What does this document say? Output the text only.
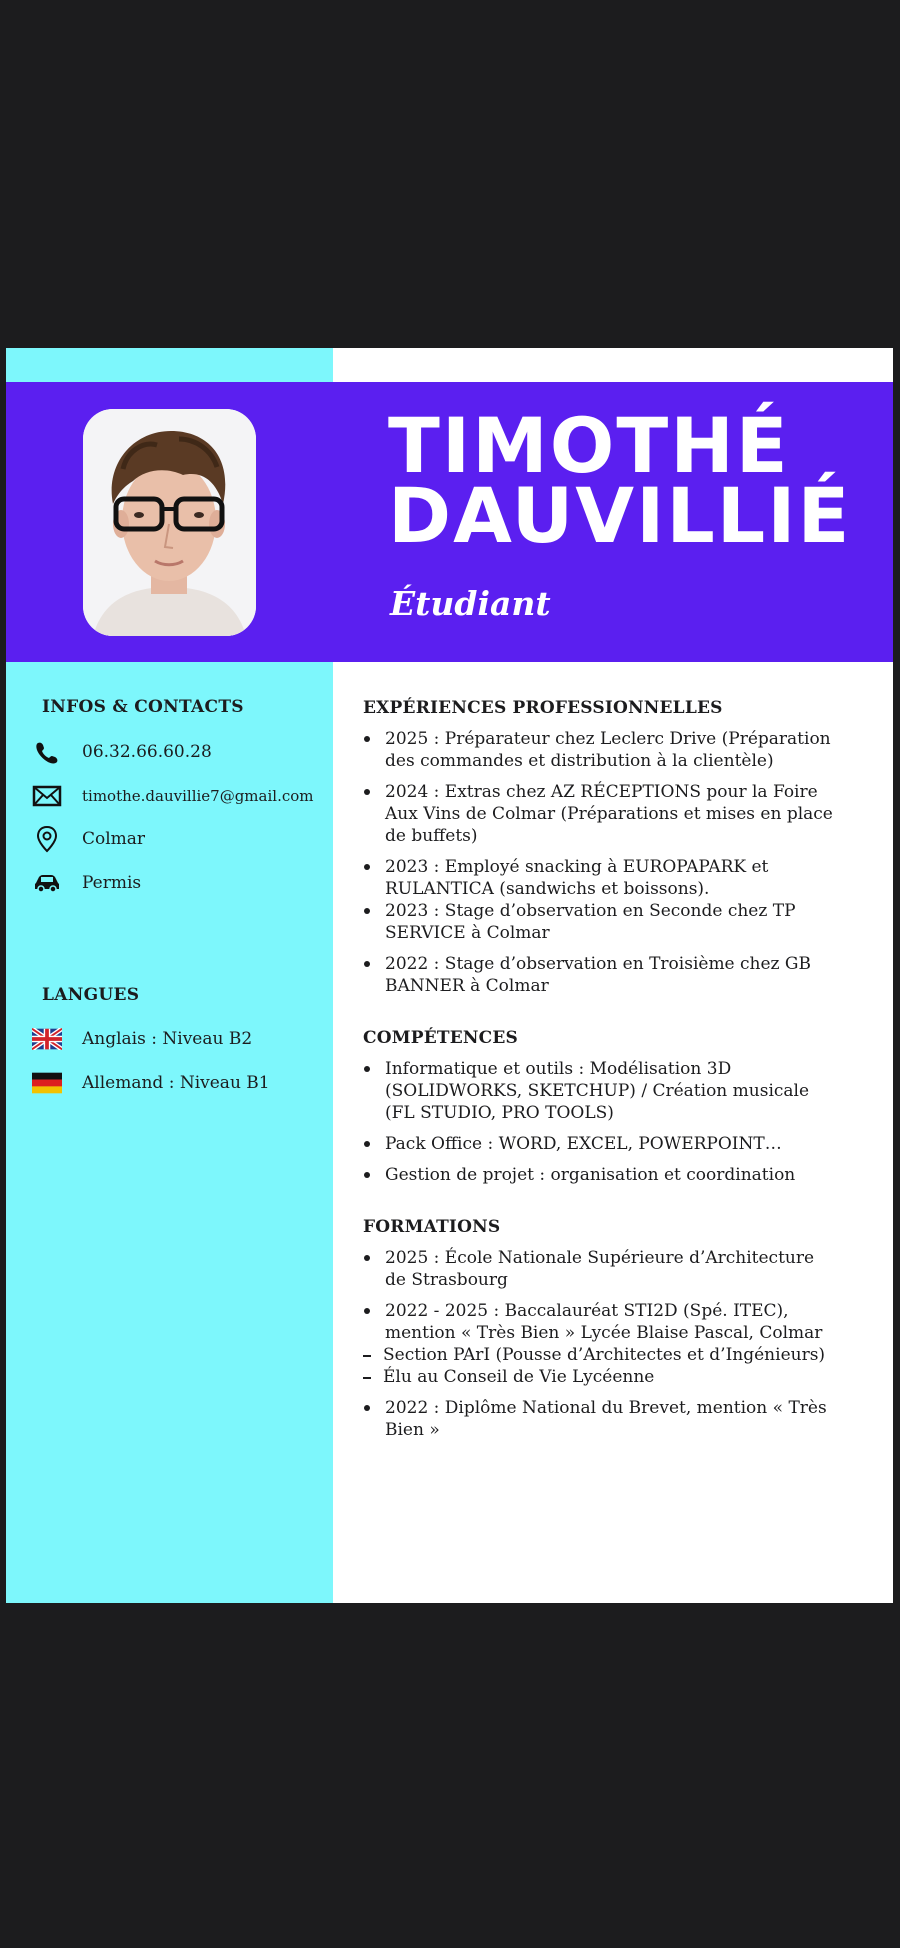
TIMOTHÉ
DAUVILLIÉ
Étudiant
INFOS & CONTACTS
06.32.66.60.28
timothe.dauvillie7@gmail.com
Colmar
Permis
LANGUES
Anglais : Niveau B2
Allemand : Niveau B1
EXPÉRIENCES PROFESSIONNELLES
2025 : Préparateur chez Leclerc Drive (Préparation des commandes et distribution à la clientèle)
2024 : Extras chez AZ RÉCEPTIONS pour la Foire Aux Vins de Colmar (Préparations et mises en place de buffets)
2023 : Employé snacking à EUROPAPARK et RULANTICA (sandwichs et boissons).
2023 : Stage d’observation en Seconde chez TP SERVICE à Colmar
2022 : Stage d’observation en Troisième chez GB BANNER à Colmar
COMPÉTENCES
Informatique et outils : Modélisation 3D (SOLIDWORKS, SKETCHUP) / Création musicale (FL STUDIO, PRO TOOLS)
Pack Office : WORD, EXCEL, POWERPOINT…
Gestion de projet : organisation et coordination
FORMATIONS
2025 : École Nationale Supérieure d’Architecture de Strasbourg
2022 - 2025 : Baccalauréat STI2D (Spé. ITEC), mention « Très Bien » Lycée Blaise Pascal, Colmar
Section PArI (Pousse d’Architectes et d’Ingénieurs)
Élu au Conseil de Vie Lycéenne
2022 : Diplôme National du Brevet, mention « Très Bien »
